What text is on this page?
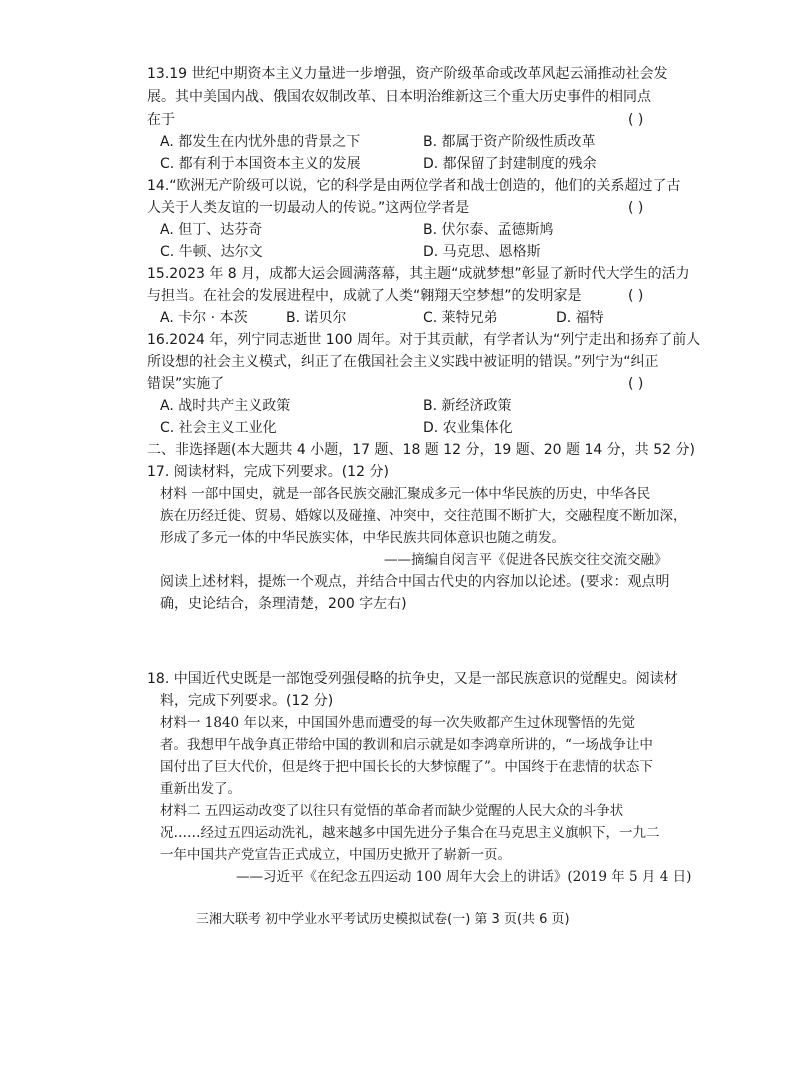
13.19 世纪中期资本主义力量进一步增强，资产阶级革命或改革风起云涌推动社会发
展。其中美国内战、俄国农奴制改革、日本明治维新这三个重大历史事件的相同点
在于	( )
A. 都发生在内忧外患的背景之下	B. 都属于资产阶级性质改革
C. 都有利于本国资本主义的发展	D. 都保留了封建制度的残余
14.“欧洲无产阶级可以说，它的科学是由两位学者和战士创造的，他们的关系超过了古
人关于人类友谊的一切最动人的传说。”这两位学者是	( )
A. 但丁、达芬奇	B. 伏尔泰、孟德斯鸠
C. 牛顿、达尔文	D. 马克思、恩格斯
15.2023 年 8 月，成都大运会圆满落幕，其主题“成就梦想”彰显了新时代大学生的活力
与担当。在社会的发展进程中，成就了人类“翱翔天空梦想”的发明家是	( )
A. 卡尔 · 本茨	B. 诺贝尔	C. 莱特兄弟	D. 福特
16.2024 年，列宁同志逝世 100 周年。对于其贡献，有学者认为“列宁走出和扬弃了前人
所设想的社会主义模式，纠正了在俄国社会主义实践中被证明的错误。”列宁为“纠正
错误”实施了	( )
A. 战时共产主义政策	B. 新经济政策
C. 社会主义工业化	D. 农业集体化
二、非选择题(本大题共 4 小题，17 题、18 题 12 分，19 题、20 题 14 分，共 52 分)
17. 阅读材料，完成下列要求。(12 分)
材料 一部中国史，就是一部各民族交融汇聚成多元一体中华民族的历史，中华各民
族在历经迁徙、贸易、婚嫁以及碰撞、冲突中，交往范围不断扩大，交融程度不断加深，
形成了多元一体的中华民族实体，中华民族共同体意识也随之萌发。
——摘编自闵言平《促进各民族交往交流交融》
阅读上述材料，提炼一个观点，并结合中国古代史的内容加以论述。(要求：观点明
确，史论结合，条理清楚，200 字左右)
18. 中国近代史既是一部饱受列强侵略的抗争史，又是一部民族意识的觉醒史。阅读材
料，完成下列要求。(12 分)
材料一 1840 年以来，中国国外患而遭受的每一次失败都产生过休现警悟的先觉
者。我想甲午战争真正带给中国的教训和启示就是如李鸿章所讲的，“一场战争让中
国付出了巨大代价，但是终于把中国长长的大梦惊醒了”。中国终于在悲情的状态下
重新出发了。
材料二 五四运动改变了以往只有觉悟的革命者而缺少觉醒的人民大众的斗争状
况……经过五四运动洗礼，越来越多中国先进分子集合在马克思主义旗帜下，一九二
一年中国共产党宣告正式成立，中国历史掀开了崭新一页。
——习近平《在纪念五四运动 100 周年大会上的讲话》(2019 年 5 月 4 日)
三湘大联考 初中学业水平考试历史模拟试卷(一) 第 3 页(共 6 页)
